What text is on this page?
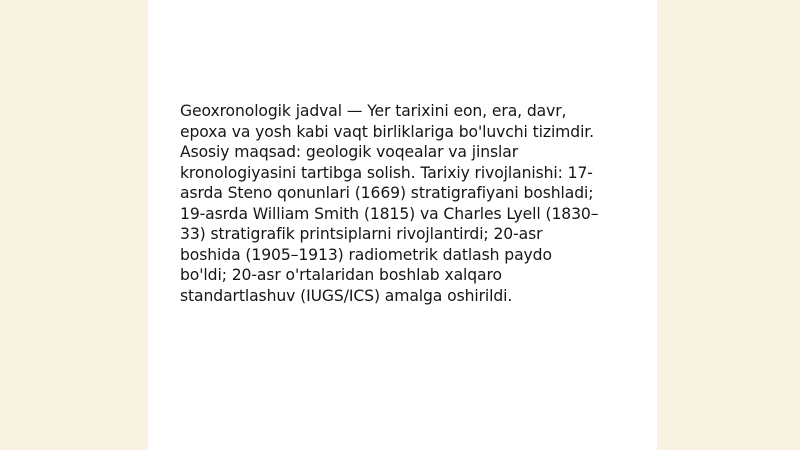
Geoxronologik jadval — Yer tarixini eon, era, davr,
epoxa va yosh kabi vaqt birliklariga bo'luvchi tizimdir.
Asosiy maqsad: geologik voqealar va jinslar
kronologiyasini tartibga solish. Tarixiy rivojlanishi: 17-
asrda Steno qonunlari (1669) stratigrafiyani boshladi;
19-asrda William Smith (1815) va Charles Lyell (1830–
33) stratigrafik printsiplarni rivojlantirdi; 20-asr
boshida (1905–1913) radiometrik datlash paydo
bo'ldi; 20-asr o'rtalaridan boshlab xalqaro
standartlashuv (IUGS/ICS) amalga oshirildi.
